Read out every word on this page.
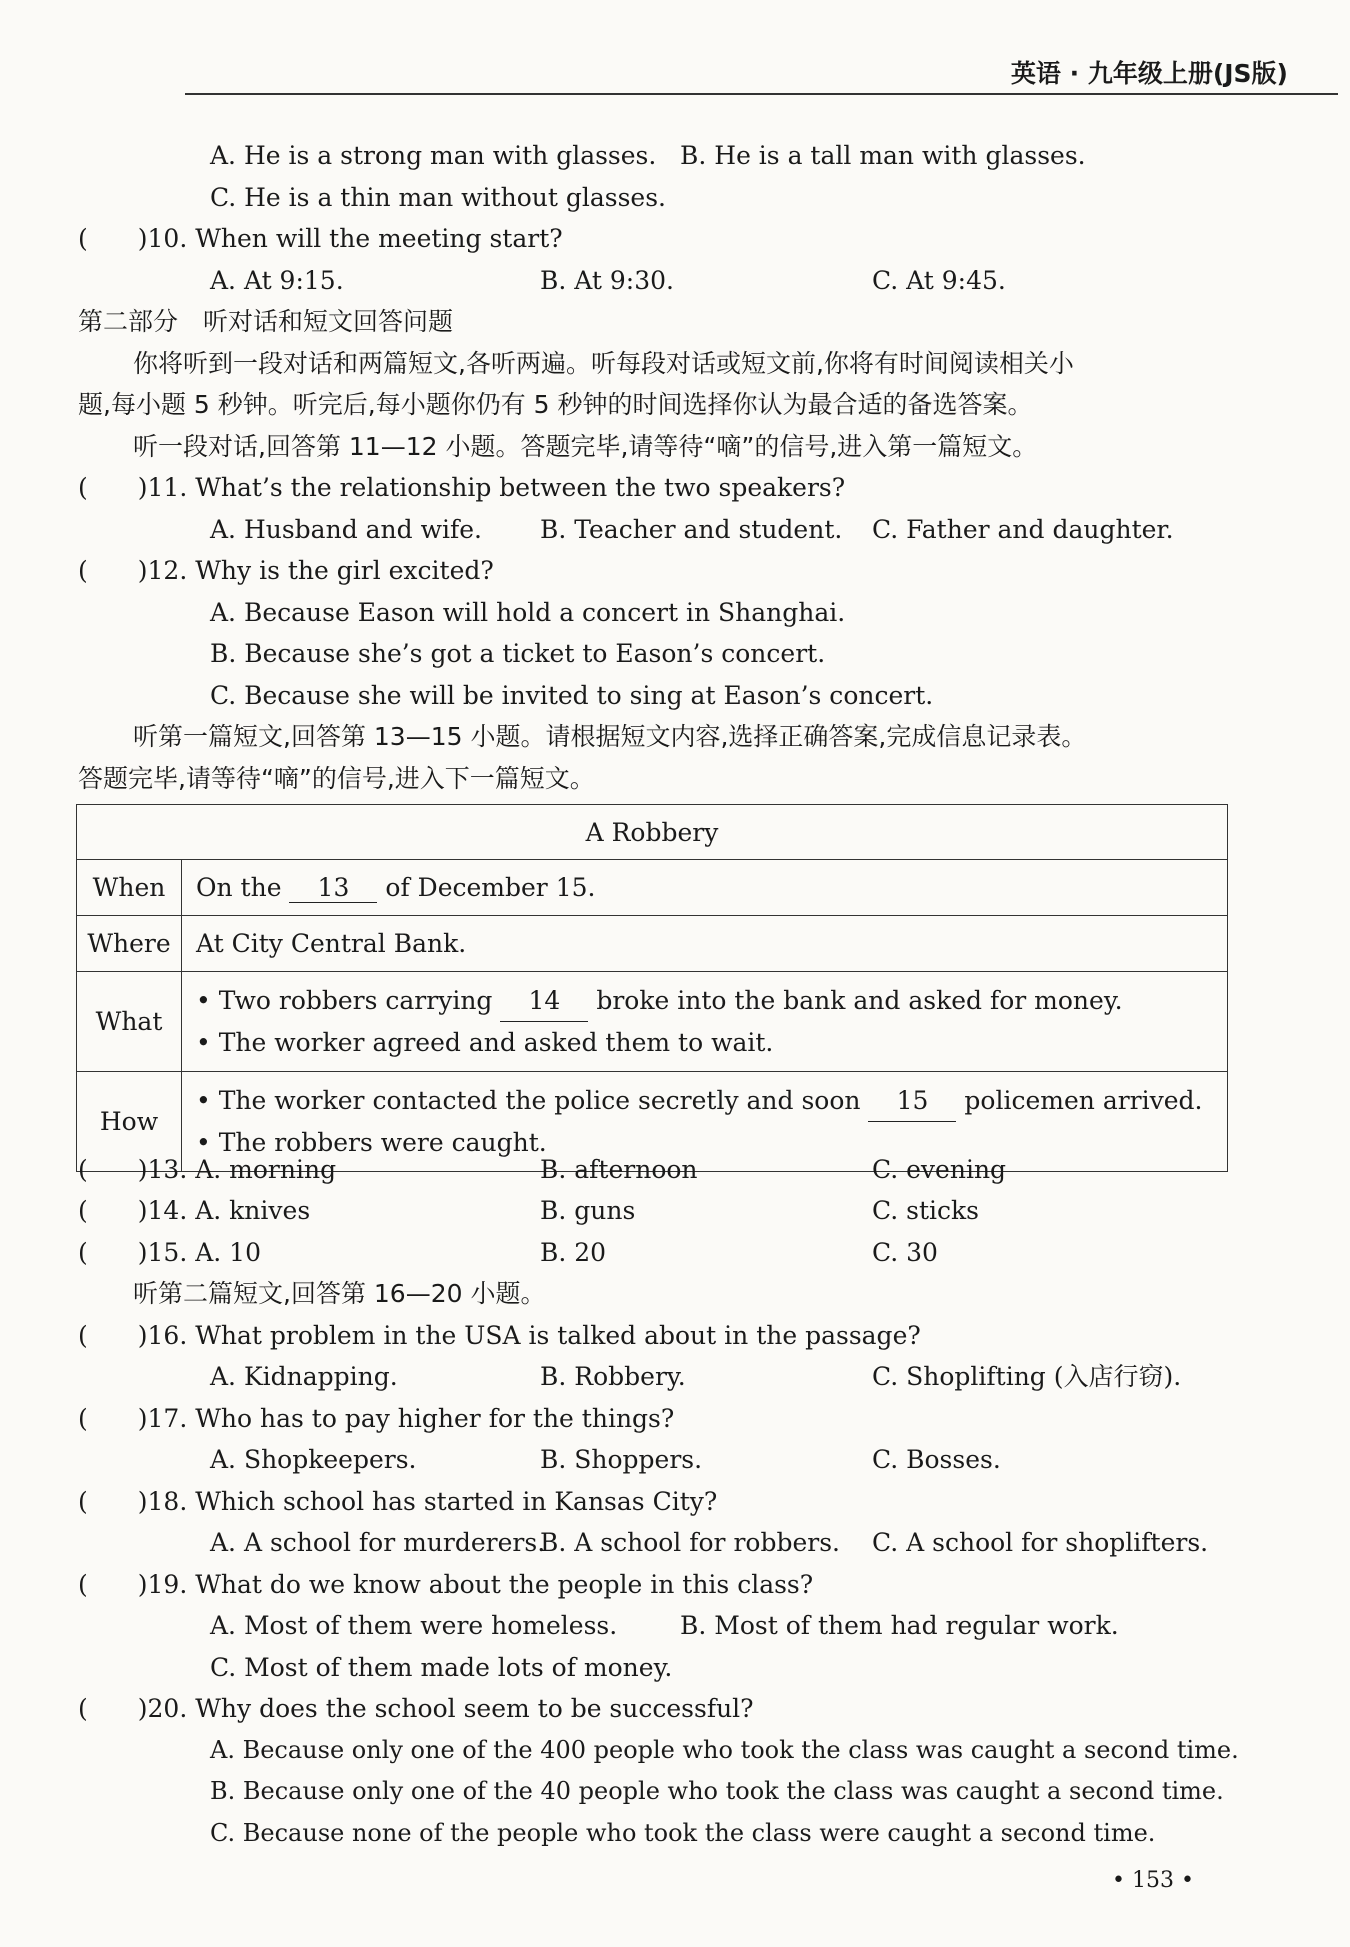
英语 · 九年级上册(JS版)
A. He is a strong man with glasses. B. He is a tall man with glasses.
C. He is a thin man without glasses.
(　　)10. When will the meeting start?
A. At 9:15.	B. At 9:30.	C. At 9:45.
第二部分　听对话和短文回答问题
你将听到一段对话和两篇短文,各听两遍。听每段对话或短文前,你将有时间阅读相关小
题,每小题 5 秒钟。听完后,每小题你仍有 5 秒钟的时间选择你认为最合适的备选答案。
听一段对话,回答第 11—12 小题。答题完毕,请等待“嘀”的信号,进入第一篇短文。
(　　)11. What’s the relationship between the two speakers?
A. Husband and wife. B. Teacher and student. C. Father and daughter.
(　　)12. Why is the girl excited?
A. Because Eason will hold a concert in Shanghai.
B. Because she’s got a ticket to Eason’s concert.
C. Because she will be invited to sing at Eason’s concert.
听第一篇短文,回答第 13—15 小题。请根据短文内容,选择正确答案,完成信息记录表。
答题完毕,请等待“嘀”的信号,进入下一篇短文。
A Robbery	
When	On the 13 of December 15.
Where	At City Central Bank.
What	• Two robbers carrying 14 broke into the bank and asked for money.
• The worker agreed and asked them to wait.

How	• The worker contacted the police secretly and soon 15 policemen arrived.
• The robbers were caught.
(　　)13. A. morning	B. afternoon	C. evening
(　　)14. A. knives	B. guns	C. sticks
(　　)15. A. 10	B. 20	C. 30
听第二篇短文,回答第 16—20 小题。
(　　)16. What problem in the USA is talked about in the passage?
A. Kidnapping.	B. Robbery.	C. Shoplifting (入店行窃).
(　　)17. Who has to pay higher for the things?
A. Shopkeepers.	B. Shoppers.	C. Bosses.
(　　)18. Which school has started in Kansas City?
A. A school for murderers.
B. A school for robbers. C. A school for shoplifters.
(　　)19. What do we know about the people in this class?
A. Most of them were homeless.	B. Most of them had regular work.
C. Most of them made lots of money.
(　　)20. Why does the school seem to be successful?
A. Because only one of the 400 people who took the class was caught a second time.
B. Because only one of the 40 people who took the class was caught a second time.
C. Because none of the people who took the class were caught a second time.
• 153 •
